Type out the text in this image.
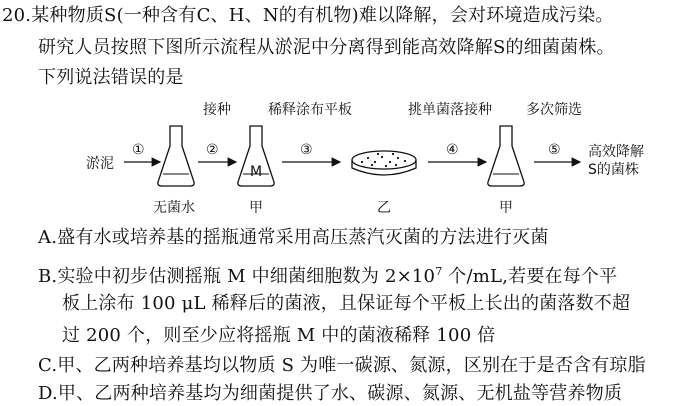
20.某种物质S(一种含有C、H、N的有机物)难以降解，会对环境造成污染。
研究人员按照下图所示流程从淤泥中分离得到能高效降解S的细菌菌株。
下列说法错误的是
淤泥
①
无菌水
②
接种
M
甲
③
稀释涂布平板
乙
④
挑单菌落接种
甲
⑤
多次筛选
高效降解
S的菌株
A.盛有水或培养基的摇瓶通常采用高压蒸汽灭菌的方法进行灭菌
B.实验中初步估测摇瓶 M 中细菌细胞数为 $2\times 10^7$ 个/mL,若要在每个平
板上涂布 100 μL 稀释后的菌液，且保证每个平板上长出的菌落数不超
过 200 个，则至少应将摇瓶 M 中的菌液稀释 100 倍
C.甲、乙两种培养基均以物质 S 为唯一碳源、氮源，区别在于是否含有琼脂
D.甲、乙两种培养基均为细菌提供了水、碳源、氮源、无机盐等营养物质
